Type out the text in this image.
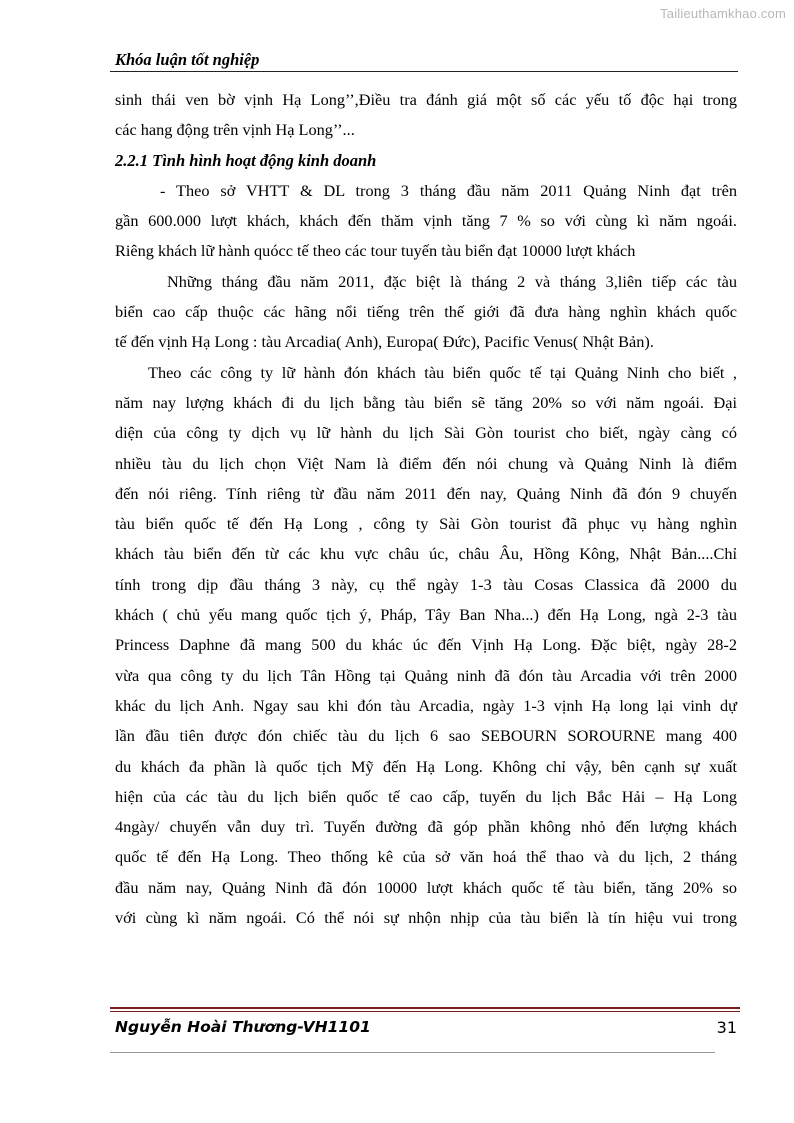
Tailieuthamkhao.com
Khóa luận tốt nghiệp

sinh thái ven bờ vịnh Hạ Long’’,Điều tra đánh giá một số các yếu tố độc hại trong
các hang động trên vịnh Hạ Long’’...

2.2.1 Tình hình hoạt động kinh doanh

- Theo sở VHTT & DL trong 3 tháng đầu năm 2011 Quảng Ninh đạt trên
gần 600.000 lượt khách, khách đến thăm vịnh tăng 7 % so với cùng kì năm ngoái.
Riêng khách lữ hành quócc tế theo các tour tuyến tàu biển đạt 10000 lượt khách

Những tháng đầu năm 2011, đặc biệt là tháng 2 và tháng 3,liên tiếp các tàu
biển cao cấp thuộc các hãng nổi tiếng trên thế giới đã đưa hàng nghìn khách quốc
tế đến vịnh Hạ Long : tàu Arcadia( Anh), Europa( Đức), Pacific Venus( Nhật Bản).

Theo các công ty lữ hành đón khách tàu biển quốc tế tại Quảng Ninh cho biết ,
năm nay lượng khách đi du lịch bằng tàu biển sẽ tăng 20% so với năm ngoái. Đại
diện của công ty dịch vụ lữ hành du lịch Sài Gòn tourist cho biết, ngày càng có
nhiều tàu du lịch chọn Việt Nam là điểm đến nói chung và Quảng Ninh là điểm
đến nói riêng. Tính riêng từ đầu năm 2011 đến nay, Quảng Ninh đã đón 9 chuyến
tàu biển quốc tế đến Hạ Long , công ty Sài Gòn tourist đã phục vụ hàng nghìn
khách tàu biển đến từ các khu vực châu úc, châu Âu, Hồng Kông, Nhật Bản....Chỉ
tính trong dịp đầu tháng 3 này, cụ thể ngày 1-3 tàu Cosas Classica đã 2000 du
khách ( chủ yếu mang quốc tịch ý, Pháp, Tây Ban Nha...) đến Hạ Long, ngà 2-3 tàu
Princess Daphne đã mang 500 du khác úc đến Vịnh Hạ Long. Đặc biệt, ngày 28-2
vừa qua công ty du lịch Tân Hồng tại Quảng ninh đã đón tàu Arcadia với trên 2000
khác du lịch Anh. Ngay sau khi đón tàu Arcadia, ngày 1-3 vịnh Hạ long lại vinh dự
lần đầu tiên được đón chiếc tàu du lịch 6 sao SEBOURN SOROURNE mang 400
du khách đa phần là quốc tịch Mỹ đến Hạ Long. Không chỉ vậy, bên cạnh sự xuất
hiện của các tàu du lịch biển quốc tế cao cấp, tuyến du lịch Bắc Hải – Hạ Long
4ngày/ chuyến vẫn duy trì. Tuyến đường đã góp phần không nhỏ đến lượng khách
quốc tế đến Hạ Long. Theo thống kê của sở văn hoá thể thao và du lịch, 2 tháng
đầu năm nay, Quảng Ninh đã đón 10000 lượt khách quốc tế tàu biển, tăng 20% so
với cùng kì năm ngoái. Có thể nói sự nhộn nhịp của tàu biển là tín hiệu vui trong

Nguyễn Hoài Thương-VH1101	31
